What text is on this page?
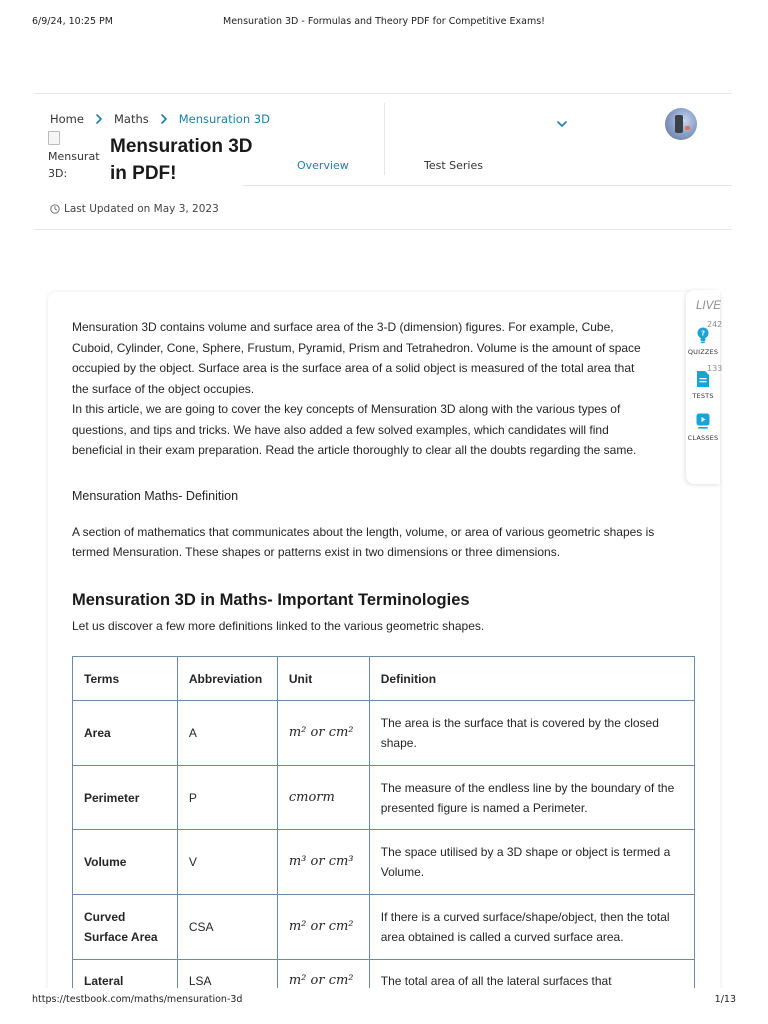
6/9/24, 10:25 PM	Mensuration 3D - Formulas and Theory PDF for Competitive Exams!
Home	Maths	Mensuration 3D

Mensurat
3D:
Mensuration 3D
in PDF!	Overview	Test Series
Last Updated on May 3, 2023

Mensuration 3D contains volume and surface area of the 3-D (dimension) figures. For example, Cube,
Cuboid, Cylinder, Cone, Sphere, Frustum, Pyramid, Prism and Tetrahedron. Volume is the amount of space
occupied by the object. Surface area is the surface area of a solid object is measured of the total area that
the surface of the object occupies.
In this article, we are going to cover the key concepts of Mensuration 3D along with the various types of
questions, and tips and tricks. We have also added a few solved examples, which candidates will find
beneficial in their exam preparation. Read the article thoroughly to clear all the doubts regarding the same.

Mensuration Maths- Definition

A section of mathematics that communicates about the length, volume, or area of various geometric shapes is termed Mensuration. These shapes or patterns exist in two dimensions or three dimensions.

Mensuration 3D in Maths- Important Terminologies

Let us discover a few more definitions linked to the various geometric shapes.

Terms	Abbreviation	Unit	Definition
Area	A	m² or cm²	The area is the surface that is covered by the closed shape.
Perimeter	P	cmorm	The measure of the endless line by the boundary of the presented figure is named a Perimeter.
Volume	V	m³ or cm³	The space utilised by a 3D shape or object is termed a Volume.
Curved Surface Area	CSA	m² or cm²	If there is a curved surface/shape/object, then the total area obtained is called a curved surface area.
Lateral	LSA	m² or cm²	The total area of all the lateral surfaces that
https://testbook.com/maths/mensuration-3d	1/13
LIVE
242
?
QUIZZES
133
TESTS
CLASSES
